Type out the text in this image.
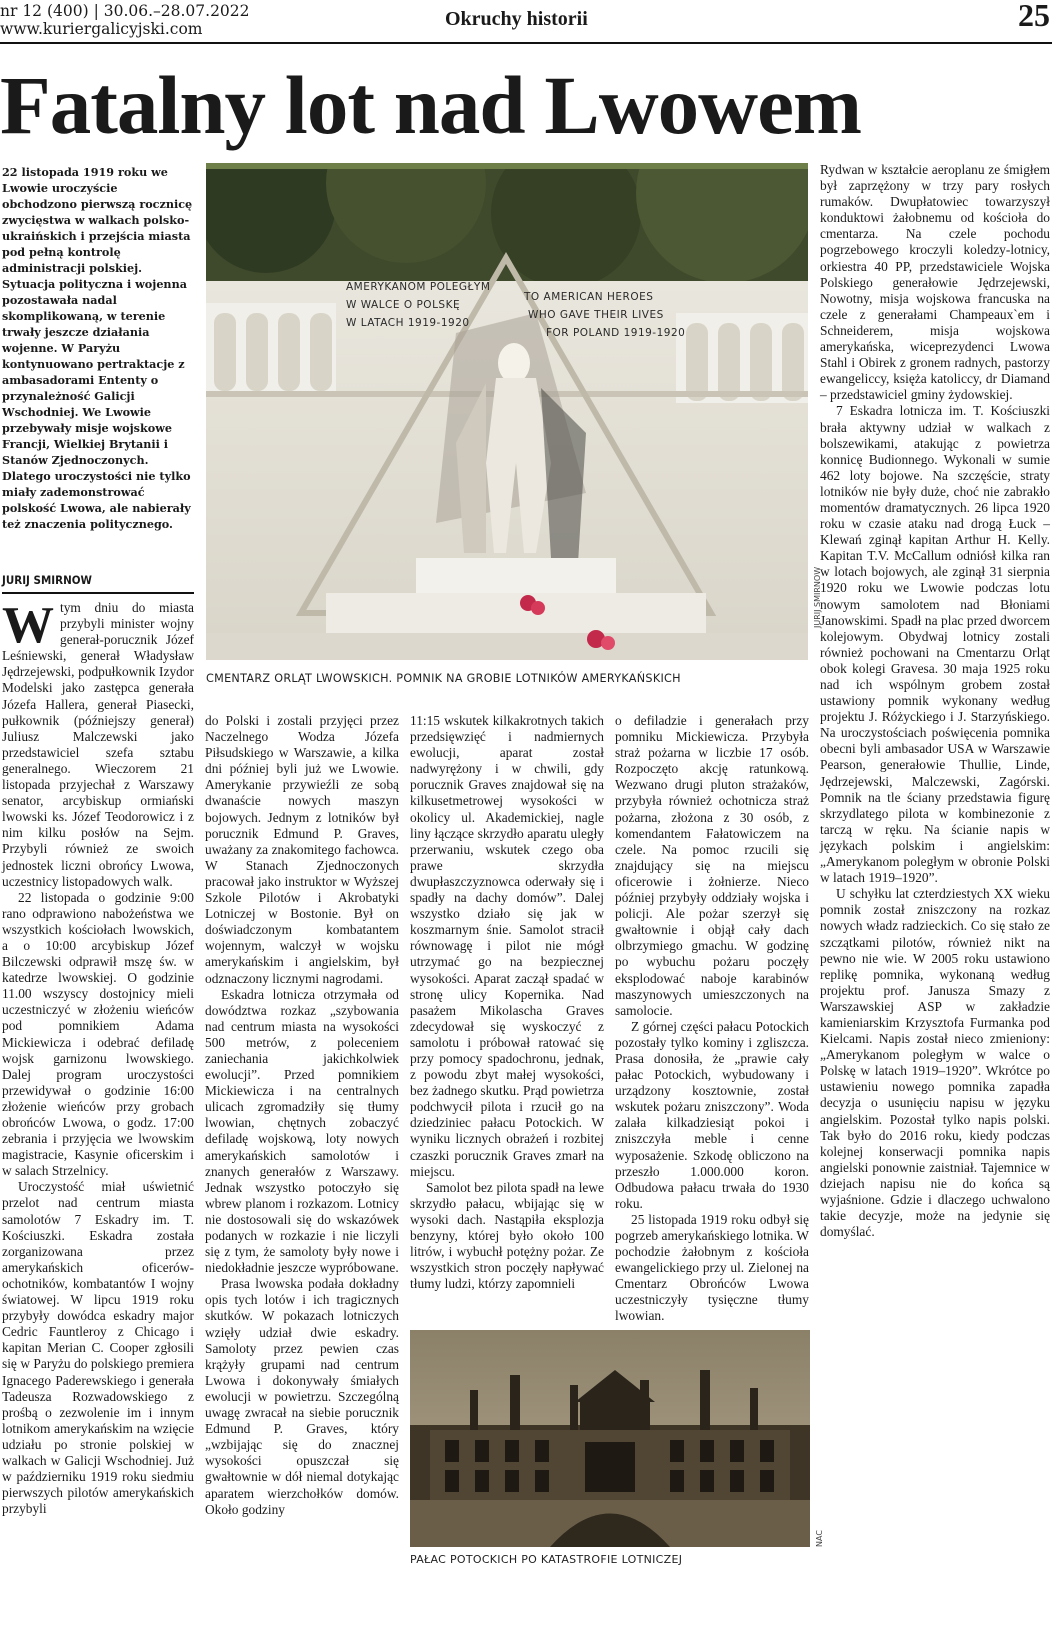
nr 12 (400) | 30.06.–28.07.2022
www.kuriergalicyjski.com	Okruchy historii	25
Fatalny lot nad Lwowem
22 listopada 1919 roku we Lwowie uroczyście obchodzono pierwszą rocznicę zwycięstwa w walkach polsko-ukraińskich i przejścia miasta pod pełną kontrolę administracji polskiej. Sytuacja polityczna i wojenna pozostawała nadal skomplikowaną, w terenie trwały jeszcze działania wojenne. W Paryżu kontynuowano pertraktacje z ambasadorami Ententy o przynależność Galicji Wschodniej. We Lwowie przebywały misje wojskowe Francji, Wielkiej Brytanii i Stanów Zjednoczonych. Dlatego uroczystości nie tylko miały zademonstrować polskość Lwowa, ale nabierały też znaczenia politycznego.
JURIJ SMIRNOW

Wtym dniu do miasta przybyli minister wojny generał-porucznik Józef Leśniewski, generał Władysław Jędrzejewski, podpułkownik Izydor Modelski jako zastępca generała Józefa Hallera, generał Piasecki, pułkownik (późniejszy generał) Juliusz Malczewski jako przedstawiciel szefa sztabu generalnego. Wieczorem 21 listopada przyjechał z Warszawy senator, arcybiskup ormiański lwowski ks. Józef Teodorowicz i z nim kilku posłów na Sejm. Przybyli również ze swoich jednostek liczni obrońcy Lwowa, uczestnicy listopadowych walk.

22 listopada o godzinie 9:00 rano odprawiono nabożeństwa we wszystkich kościołach lwowskich, a o 10:00 arcybiskup Józef Bilczewski odprawił mszę św. w katedrze lwowskiej. O godzinie 11.00 wszyscy dostojnicy mieli uczestniczyć w złożeniu wieńców pod pomnikiem Adama Mickiewicza i odebrać defiladę wojsk garnizonu lwowskiego. Dalej program uroczystości przewidywał o godzinie 16:00 złożenie wieńców przy grobach obrońców Lwowa, o godz. 17:00 zebrania i przyjęcia we lwowskim magistracie, Kasynie oficerskim i w salach Strzelnicy.

Uroczystość miał uświetnić przelot nad centrum miasta samolotów 7 Eskadry im. T. Kościuszki. Eskadra została zorganizowana przez amerykańskich oficerów-ochotników, kombatantów I wojny światowej. W lipcu 1919 roku przybyły dowódca eskadry major Cedric Fauntleroy z Chicago i kapitan Merian C. Cooper zgłosili się w Paryżu do polskiego premiera Ignacego Paderewskiego i generała Tadeusza Rozwadowskiego z prośbą o zezwolenie im i innym lotnikom amerykańskim na wzięcie udziału po stronie polskiej w walkach w Galicji Wschodniej. Już w październiku 1919 roku siedmiu pierwszych pilotów amerykańskich przybyli

AMERYKANOM POLEGŁYM
W WALCE O POLSKĘ
W LATACH 1919-1920
TO AMERICAN HEROES
WHO GAVE THEIR LIVES
FOR POLAND 1919-1920
JURIJ SMIRNOW
CMENTARZ ORLĄT LWOWSKICH. POMNIK NA GROBIE LOTNIKÓW AMERYKAŃSKICH

do Polski i zostali przyjęci przez Naczelnego Wodza Józefa Piłsudskiego w Warszawie, a kilka dni później byli już we Lwowie. Amerykanie przywieźli ze sobą dwanaście nowych maszyn bojowych. Jednym z lotników był porucznik Edmund P. Graves, uważany za znakomitego fachowca. W Stanach Zjednoczonych pracował jako instruktor w Wyższej Szkole Pilotów i Akrobatyki Lotniczej w Bostonie. Był on doświadczonym kombatantem wojennym, walczył w wojsku amerykańskim i angielskim, był odznaczony licznymi nagrodami.

Eskadra lotnicza otrzymała od dowództwa rozkaz „szybowania nad centrum miasta na wysokości 500 metrów, z poleceniem zaniechania jakichkolwiek ewolucji”. Przed pomnikiem Mickiewicza i na centralnych ulicach zgromadziły się tłumy lwowian, chętnych zobaczyć defiladę wojskową, loty nowych amerykańskich samolotów i znanych generałów z Warszawy. Jednak wszystko potoczyło się wbrew planom i rozkazom. Lotnicy nie dostosowali się do wskazówek podanych w rozkazie i nie liczyli się z tym, że samoloty były nowe i niedokładnie jeszcze wypróbowane.

Prasa lwowska podała dokładny opis tych lotów i ich tragicznych skutków. W pokazach lotniczych wzięły udział dwie eskadry. Samoloty przez pewien czas krążyły grupami nad centrum Lwowa i dokonywały śmiałych ewolucji w powietrzu. Szczególną uwagę zwracał na siebie porucznik Edmund P. Graves, który „wzbijając się do znacznej wysokości opuszczał się gwałtownie w dół niemal dotykając aparatem wierzchołków domów. Około godziny

11:15 wskutek kilkakrotnych takich przedsięwzięć i nadmiernych ewolucji, aparat został nadwyrężony i w chwili, gdy porucznik Graves znajdował się na kilkusetmetrowej wysokości w okolicy ul. Akademickiej, nagle liny łączące skrzydło aparatu uległy przerwaniu, wskutek czego oba prawe skrzydła dwupłaszczyznowca oderwały się i spadły na dachy domów”. Dalej wszystko działo się jak w koszmarnym śnie. Samolot stracił równowagę i pilot nie mógł utrzymać go na bezpiecznej wysokości. Aparat zaczął spadać w stronę ulicy Kopernika. Nad pasażem Mikolascha Graves zdecydował się wyskoczyć z samolotu i próbował ratować się przy pomocy spadochronu, jednak, z powodu zbyt małej wysokości, bez żadnego skutku. Prąd powietrza podchwycił pilota i rzucił go na dziedziniec pałacu Potockich. W wyniku licznych obrażeń i rozbitej czaszki porucznik Graves zmarł na miejscu.

Samolot bez pilota spadł na lewe skrzydło pałacu, wbijając się w wysoki dach. Nastąpiła eksplozja benzyny, której było około 100 litrów, i wybuchł potężny pożar. Ze wszystkich stron poczęły napływać tłumy ludzi, którzy zapomnieli

o defiladzie i generałach przy pomniku Mickiewicza. Przybyła straż pożarna w liczbie 17 osób. Rozpoczęto akcję ratunkową. Wezwano drugi pluton strażaków, przybyła również ochotnicza straż pożarna, złożona z 30 osób, z komendantem Fałatowiczem na czele. Na pomoc rzucili się znajdujący się na miejscu oficerowie i żołnierze. Nieco później przybyły oddziały wojska i policji. Ale pożar szerzył się gwałtownie i objął cały dach olbrzymiego gmachu. W godzinę po wybuchu pożaru poczęły eksplodować naboje karabinów maszynowych umieszczonych na samolocie.

Z górnej części pałacu Potockich pozostały tylko kominy i zgliszcza. Prasa donosiła, że „prawie cały pałac Potockich, wybudowany i urządzony kosztownie, został wskutek pożaru zniszczony”. Woda zalała kilkadziesiąt pokoi i zniszczyła meble i cenne wyposażenie. Szkodę obliczono na przeszło 1.000.000 koron. Odbudowa pałacu trwała do 1930 roku.

25 listopada 1919 roku odbył się pogrzeb amerykańskiego lotnika. W pochodzie żałobnym z kościoła ewangelickiego przy ul. Zielonej na Cmentarz Obrońców Lwowa uczestniczyły tysięczne tłumy lwowian.

NAC
PAŁAC POTOCKICH PO KATASTROFIE LOTNICZEJ

Rydwan w kształcie aeroplanu ze śmigłem był zaprzężony w trzy pary rosłych rumaków. Dwupłatowiec towarzyszył konduktowi żałobnemu od kościoła do cmentarza. Na czele pochodu pogrzebowego kroczyli koledzy-lotnicy, orkiestra 40 PP, przedstawiciele Wojska Polskiego generałowie Jędrzejewski, Nowotny, misja wojskowa francuska na czele z generałami Champeaux`em i Schneiderem, misja wojskowa amerykańska, wiceprezydenci Lwowa Stahl i Obirek z gronem radnych, pastorzy ewangeliccy, księża katoliccy, dr Diamand – przedstawiciel gminy żydowskiej.

7 Eskadra lotnicza im. T. Kościuszki brała aktywny udział w walkach z bolszewikami, atakując z powietrza konnicę Budionnego. Wykonali w sumie 462 loty bojowe. Na szczęście, straty lotników nie były duże, choć nie zabrakło momentów dramatycznych. 26 lipca 1920 roku w czasie ataku nad drogą Łuck – Klewań zginął kapitan Arthur H. Kelly. Kapitan T.V. McCallum odniósł kilka ran w lotach bojowych, ale zginął 31 sierpnia 1920 roku we Lwowie podczas lotu nowym samolotem nad Błoniami Janowskimi. Spadł na plac przed dworcem kolejowym. Obydwaj lotnicy zostali również pochowani na Cmentarzu Orląt obok kolegi Gravesa. 30 maja 1925 roku nad ich wspólnym grobem został ustawiony pomnik wykonany według projektu J. Różyckiego i J. Starzyńskiego. Na uroczystościach poświęcenia pomnika obecni byli ambasador USA w Warszawie Pearson, generałowie Thullie, Linde, Jędrzejewski, Malczewski, Zagórski. Pomnik na tle ściany przedstawia figurę skrzydlatego pilota w kombinezonie z tarczą w ręku. Na ścianie napis w językach polskim i angielskim: „Amerykanom poległym w obronie Polski w latach 1919–1920”.

U schyłku lat czterdziestych XX wieku pomnik został zniszczony na rozkaz nowych władz radzieckich. Co się stało ze szczątkami pilotów, również nikt na pewno nie wie. W 2005 roku ustawiono replikę pomnika, wykonaną według projektu prof. Janusza Smazy z Warszawskiej ASP w zakładzie kamieniarskim Krzysztofa Furmanka pod Kielcami. Napis został nieco zmieniony: „Amerykanom poległym w walce o Polskę w latach 1919–1920”. Wkrótce po ustawieniu nowego pomnika zapadła decyzja o usunięciu napisu w języku angielskim. Pozostał tylko napis polski. Tak było do 2016 roku, kiedy podczas kolejnej konserwacji pomnika napis angielski ponownie zaistniał. Tajemnice w dziejach napisu nie do końca są wyjaśnione. Gdzie i dlaczego uchwalono takie decyzje, może na jedynie się domyślać.
